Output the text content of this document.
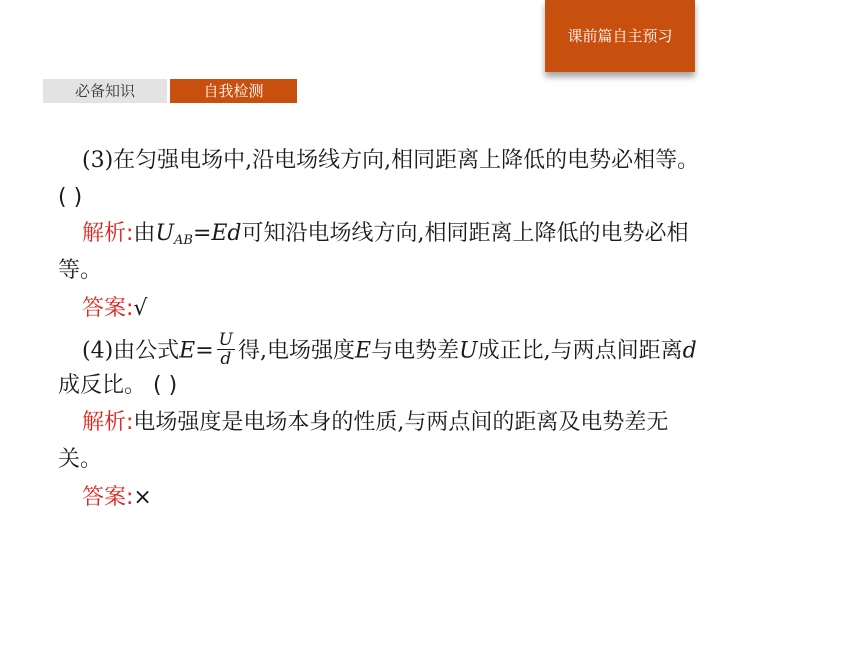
课前篇自主预习
必备知识	自我检测
(3)在匀强电场中,沿电场线方向,相同距离上降低的电势必相等。
( )
解析:由$U_{AB}=Ed$可知沿电场线方向,相同距离上降低的电势必相
等。
答案:√
(4)由公式$E= \frac{U}{d}$ 得,电场强度E与电势差U成正比,与两点间距离d
成反比。 ( )
解析:电场强度是电场本身的性质,与两点间的距离及电势差无
关。
答案:×
